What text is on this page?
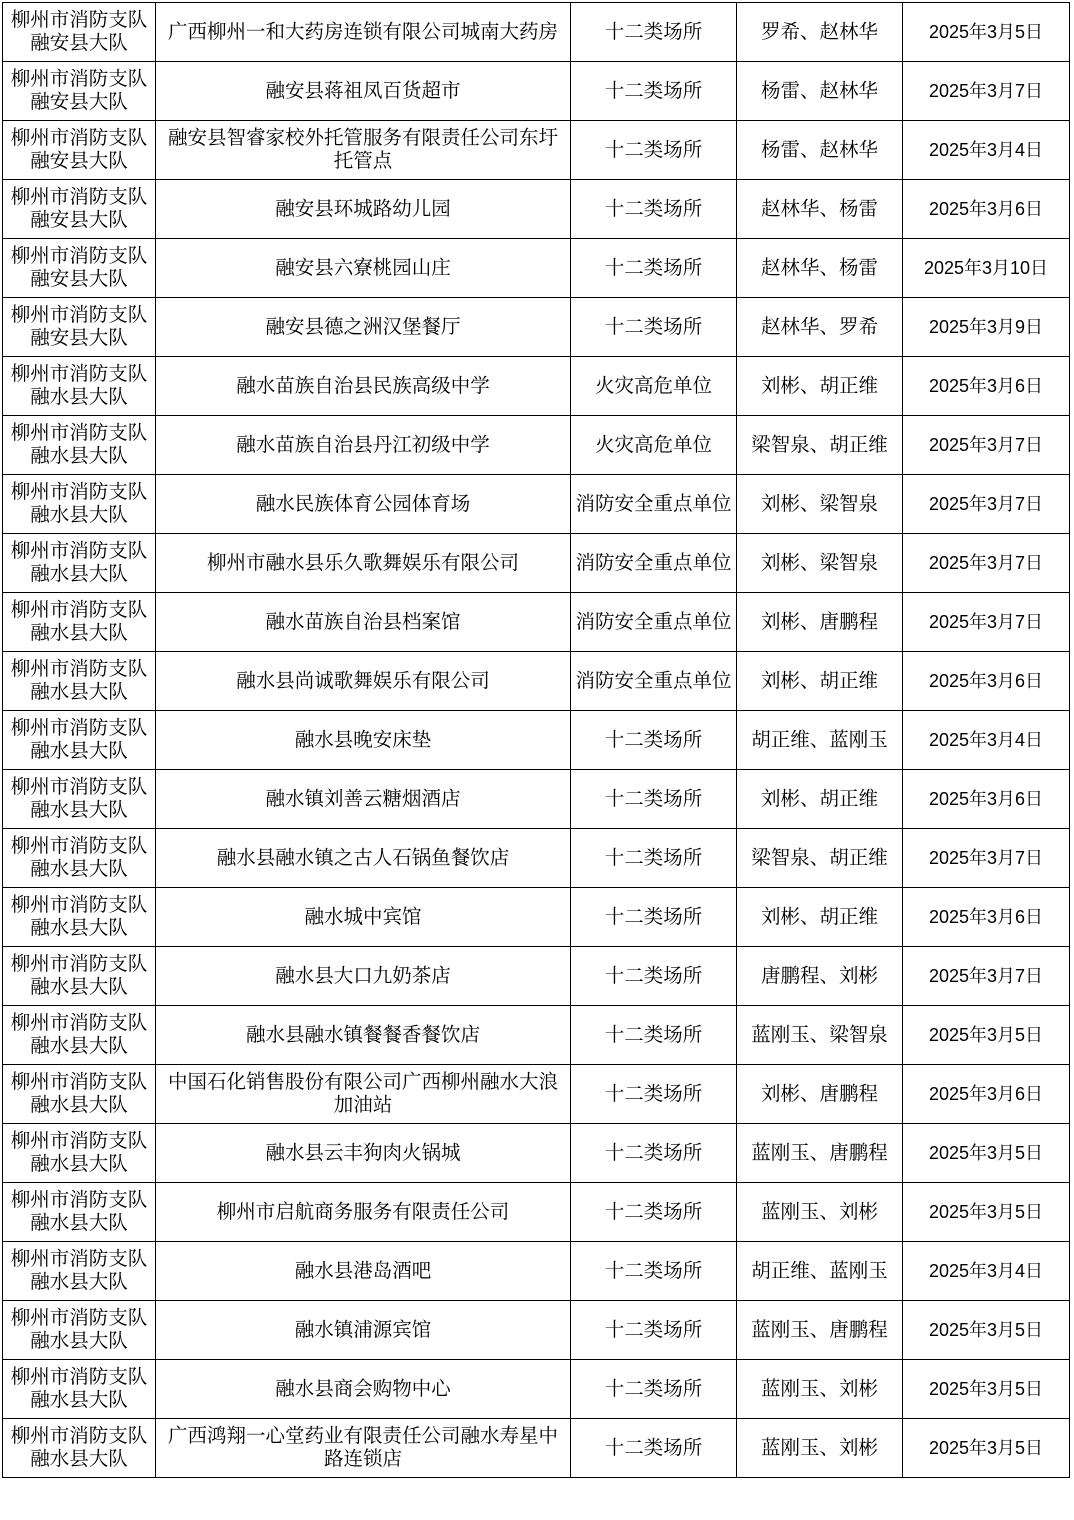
柳州市消防支队融安县大队	广西柳州一和大药房连锁有限公司城南大药房	十二类场所	罗希、赵林华	2025年3月5日
柳州市消防支队融安县大队	融安县蒋祖凤百货超市	十二类场所	杨雷、赵林华	2025年3月7日
柳州市消防支队融安县大队	融安县智睿家校外托管服务有限责任公司东圩托管点	十二类场所	杨雷、赵林华	2025年3月4日
柳州市消防支队融安县大队	融安县环城路幼儿园	十二类场所	赵林华、杨雷	2025年3月6日
柳州市消防支队融安县大队	融安县六寮桃园山庄	十二类场所	赵林华、杨雷	2025年3月10日
柳州市消防支队融安县大队	融安县德之洲汉堡餐厅	十二类场所	赵林华、罗希	2025年3月9日
柳州市消防支队融水县大队	融水苗族自治县民族高级中学	火灾高危单位	刘彬、胡正维	2025年3月6日
柳州市消防支队融水县大队	融水苗族自治县丹江初级中学	火灾高危单位	梁智泉、胡正维	2025年3月7日
柳州市消防支队融水县大队	融水民族体育公园体育场	消防安全重点单位	刘彬、梁智泉	2025年3月7日
柳州市消防支队融水县大队	柳州市融水县乐久歌舞娱乐有限公司	消防安全重点单位	刘彬、梁智泉	2025年3月7日
柳州市消防支队融水县大队	融水苗族自治县档案馆	消防安全重点单位	刘彬、唐鹏程	2025年3月7日
柳州市消防支队融水县大队	融水县尚诚歌舞娱乐有限公司	消防安全重点单位	刘彬、胡正维	2025年3月6日
柳州市消防支队融水县大队	融水县晚安床垫	十二类场所	胡正维、蓝刚玉	2025年3月4日
柳州市消防支队融水县大队	融水镇刘善云糖烟酒店	十二类场所	刘彬、胡正维	2025年3月6日
柳州市消防支队融水县大队	融水县融水镇之古人石锅鱼餐饮店	十二类场所	梁智泉、胡正维	2025年3月7日
柳州市消防支队融水县大队	融水城中宾馆	十二类场所	刘彬、胡正维	2025年3月6日
柳州市消防支队融水县大队	融水县大口九奶茶店	十二类场所	唐鹏程、刘彬	2025年3月7日
柳州市消防支队融水县大队	融水县融水镇餐餐香餐饮店	十二类场所	蓝刚玉、梁智泉	2025年3月5日
柳州市消防支队融水县大队	中国石化销售股份有限公司广西柳州融水大浪加油站	十二类场所	刘彬、唐鹏程	2025年3月6日
柳州市消防支队融水县大队	融水县云丰狗肉火锅城	十二类场所	蓝刚玉、唐鹏程	2025年3月5日
柳州市消防支队融水县大队	柳州市启航商务服务有限责任公司	十二类场所	蓝刚玉、刘彬	2025年3月5日
柳州市消防支队融水县大队	融水县港岛酒吧	十二类场所	胡正维、蓝刚玉	2025年3月4日
柳州市消防支队融水县大队	融水镇浦源宾馆	十二类场所	蓝刚玉、唐鹏程	2025年3月5日
柳州市消防支队融水县大队	融水县商会购物中心	十二类场所	蓝刚玉、刘彬	2025年3月5日
柳州市消防支队融水县大队	广西鸿翔一心堂药业有限责任公司融水寿星中路连锁店	十二类场所	蓝刚玉、刘彬	2025年3月5日
